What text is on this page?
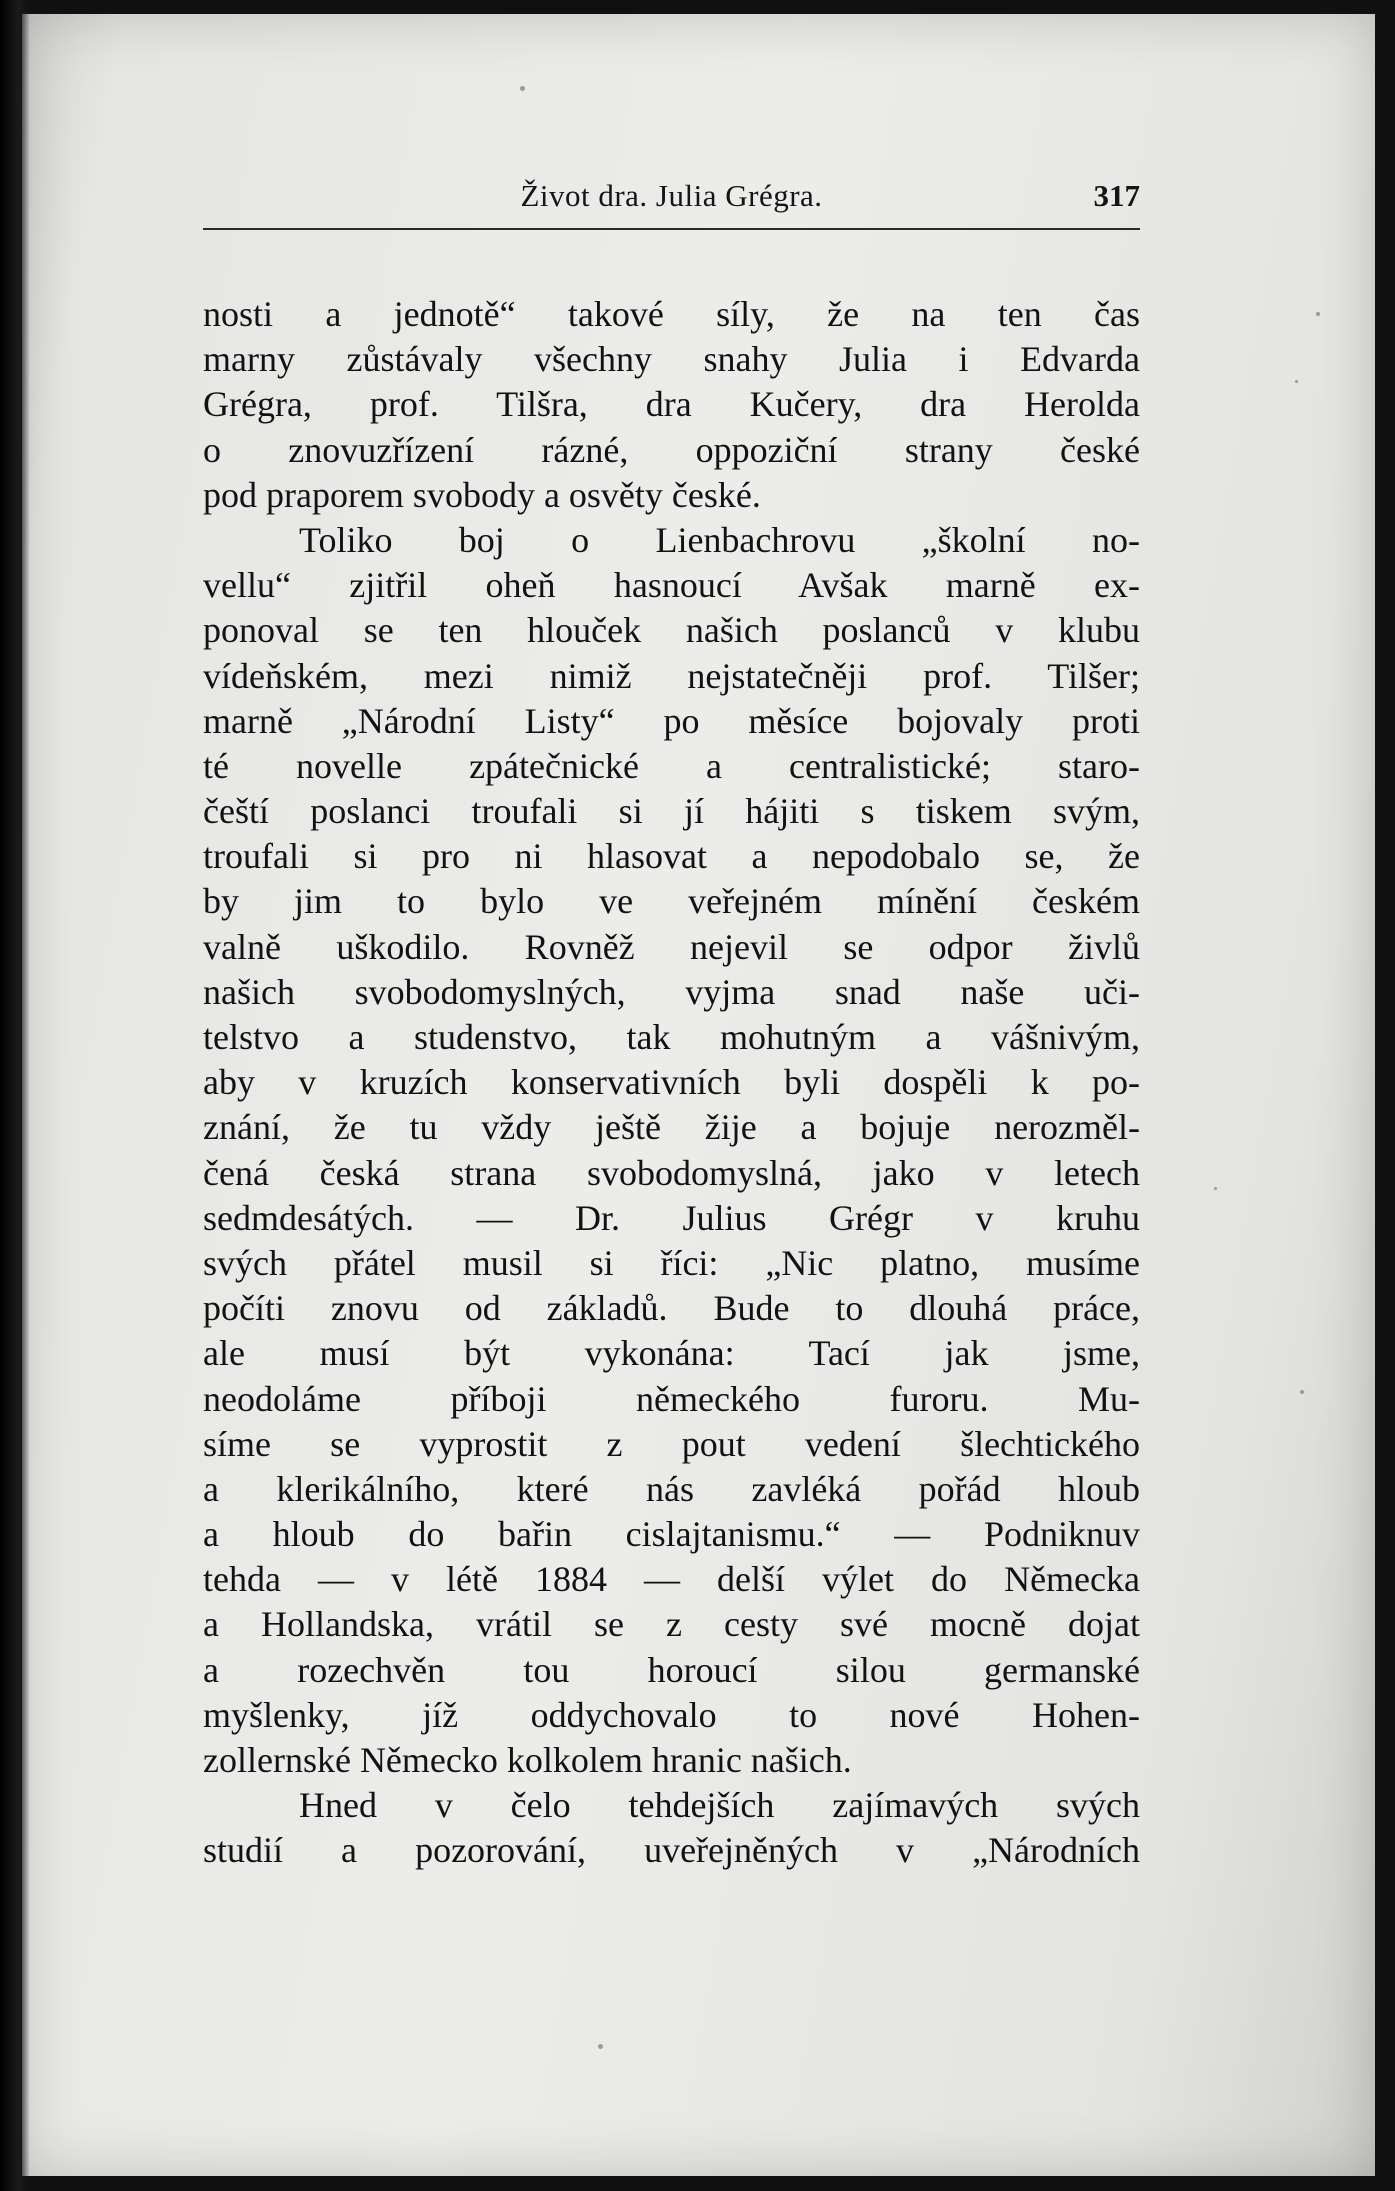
Život dra. Julia Grégra.	317
nosti a jednotě“ takové síly, že na ten čas
marny zůstávaly všechny snahy Julia i Edvarda
Grégra, prof. Tilšra, dra Kučery, dra Herolda
o znovuzřízení rázné, oppoziční strany české
pod praporem svobody a osvěty české.
Toliko boj o Lienbachrovu „školní no-
vellu“ zjitřil oheň hasnoucí Avšak marně ex-
ponoval se ten hlouček našich poslanců v klubu
vídeňském, mezi nimiž nejstatečněji prof. Tilšer;
marně „Národní Listy“ po měsíce bojovaly proti
té novelle zpátečnické a centralistické; staro-
čeští poslanci troufali si jí hájiti s tiskem svým,
troufali si pro ni hlasovat a nepodobalo se, že
by jim to bylo ve veřejném mínění českém
valně uškodilo. Rovněž nejevil se odpor živlů
našich svobodomyslných, vyjma snad naše uči-
telstvo a studenstvo, tak mohutným a vášnivým,
aby v kruzích konservativních byli dospěli k po-
znání, že tu vždy ještě žije a bojuje nerozměl-
čená česká strana svobodomyslná, jako v letech
sedmdesátých. — Dr. Julius Grégr v kruhu
svých přátel musil si říci: „Nic platno, musíme
počíti znovu od základů. Bude to dlouhá práce,
ale musí být vykonána: Tací jak jsme,
neodoláme příboji německého furoru. Mu-
síme se vyprostit z pout vedení šlechtického
a klerikálního, které nás zavléká pořád hloub
a hloub do bařin cislajtanismu.“ — Podniknuv
tehda — v létě 1884 — delší výlet do Německa
a Hollandska, vrátil se z cesty své mocně dojat
a rozechvěn tou horoucí silou germanské
myšlenky, jíž oddychovalo to nové Hohen-
zollernské Německo kolkolem hranic našich.
Hned v čelo tehdejších zajímavých svých
studií a pozorování, uveřejněných v „Národních
